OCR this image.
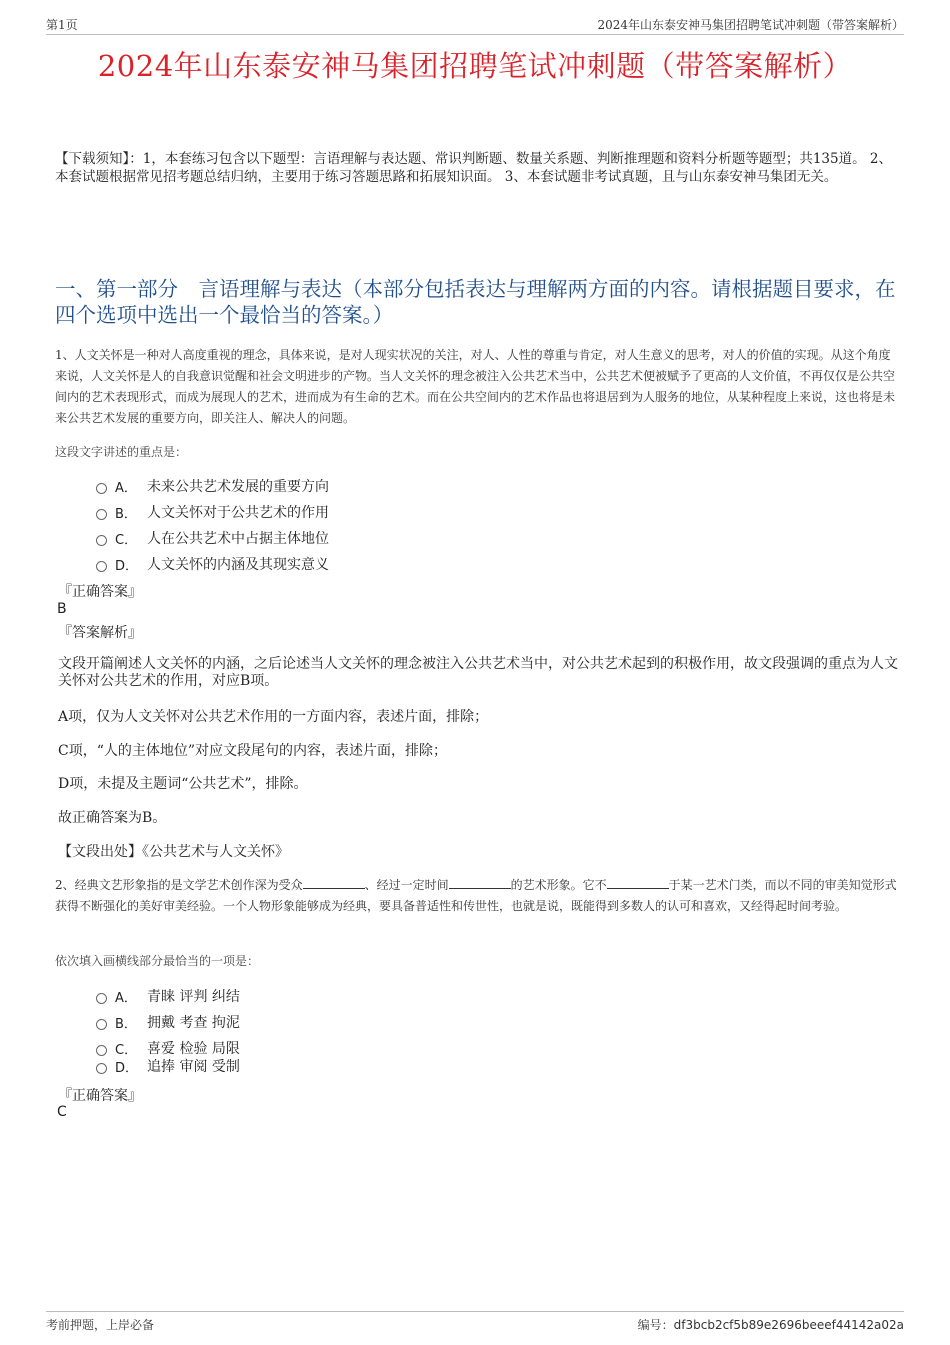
第1页	2024年山东泰安神马集团招聘笔试冲刺题（带答案解析）
2024年山东泰安神马集团招聘笔试冲刺题（带答案解析）
【下载须知】：1，本套练习包含以下题型：言语理解与表达题、常识判断题、数量关系题、判断推理题和资料分析题等题型；共135道。 2、本套试题根据常见招考题总结归纳，主要用于练习答题思路和拓展知识面。 3、本套试题非考试真题，且与山东泰安神马集团无关。
一、第一部分　言语理解与表达（本部分包括表达与理解两方面的内容。请根据题目要求，在四个选项中选出一个最恰当的答案。）
1、人文关怀是一种对人高度重视的理念，具体来说，是对人现实状况的关注，对人、人性的尊重与肯定，对人生意义的思考，对人的价值的实现。从这个角度来说，人文关怀是人的自我意识觉醒和社会文明进步的产物。当人文关怀的理念被注入公共艺术当中，公共艺术便被赋予了更高的人文价值，不再仅仅是公共空间内的艺术表现形式，而成为展现人的艺术，进而成为有生命的艺术。而在公共空间内的艺术作品也将退居到为人服务的地位，从某种程度上来说，这也将是未来公共艺术发展的重要方向，即关注人、解决人的问题。
这段文字讲述的重点是：
A． 未来公共艺术发展的重要方向
B． 人文关怀对于公共艺术的作用
C． 人在公共艺术中占据主体地位
D． 人文关怀的内涵及其现实意义
『正确答案』
B
『答案解析』
文段开篇阐述人文关怀的内涵，之后论述当人文关怀的理念被注入公共艺术当中，对公共艺术起到的积极作用，故文段强调的重点为人文关怀对公共艺术的作用，对应B项。
A项，仅为人文关怀对公共艺术作用的一方面内容，表述片面，排除；
C项，“人的主体地位”对应文段尾句的内容，表述片面，排除；
D项，未提及主题词“公共艺术”，排除。
故正确答案为B。
【文段出处】《公共艺术与人文关怀》
2、经典文艺形象指的是文学艺术创作深为受众	、经过一定时间	的艺术形象。它不	于某一艺术门类，而以不同的审美知觉形式获得不断强化的美好审美经验。一个人物形象能够成为经典，要具备普适性和传世性，也就是说，既能得到多数人的认可和喜欢，又经得起时间考验。
依次填入画横线部分最恰当的一项是：
A． 青睐 评判 纠结
B． 拥戴 考查 拘泥
C． 喜爱 检验 局限
D． 追捧 审阅 受制
『正确答案』
C
考前押题，上岸必备	编号：df3bcb2cf5b89e2696beeef44142a02a
